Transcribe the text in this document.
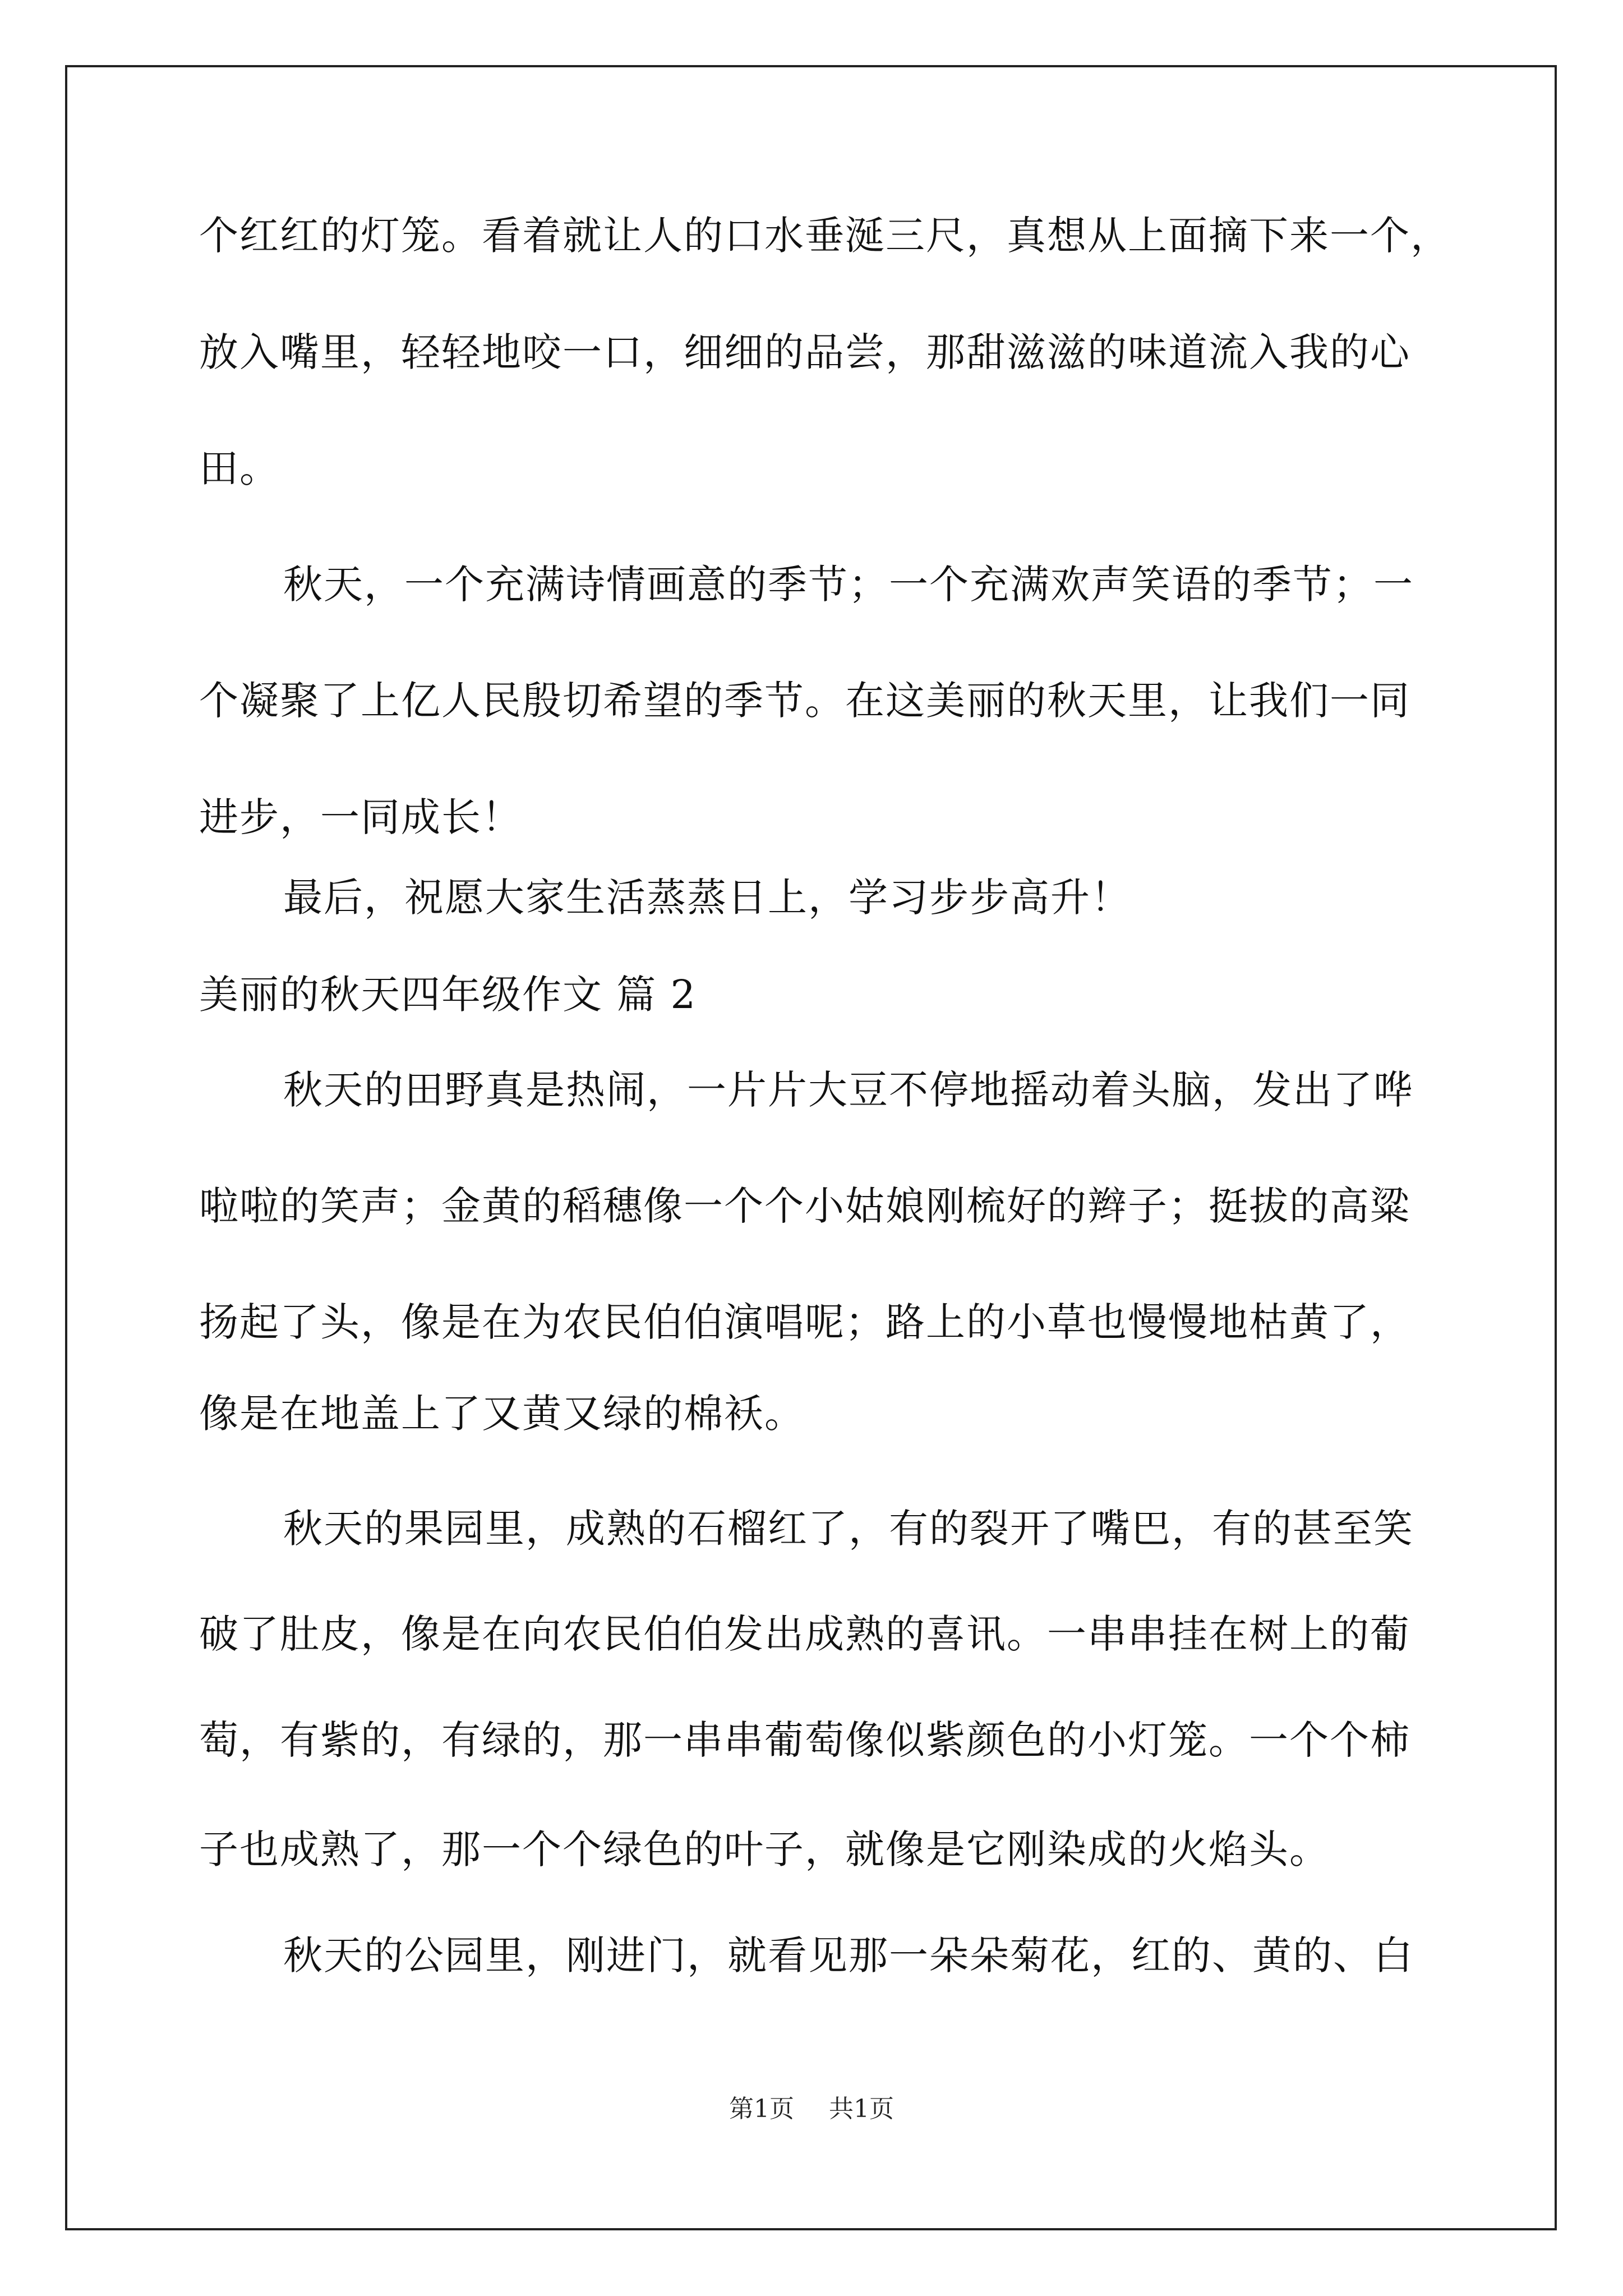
个红红的灯笼。看着就让人的口水垂涎三尺，真想从上面摘下来一个，
放入嘴里，轻轻地咬一口，细细的品尝，那甜滋滋的味道流入我的心
田。
秋天，一个充满诗情画意的季节；一个充满欢声笑语的季节；一
个凝聚了上亿人民殷切希望的季节。在这美丽的秋天里，让我们一同
进步，一同成长！
最后，祝愿大家生活蒸蒸日上，学习步步高升！
美丽的秋天四年级作文 篇 2
秋天的田野真是热闹，一片片大豆不停地摇动着头脑，发出了哗
啦啦的笑声；金黄的稻穗像一个个小姑娘刚梳好的辫子；挺拔的高粱
扬起了头，像是在为农民伯伯演唱呢；路上的小草也慢慢地枯黄了，
像是在地盖上了又黄又绿的棉袄。
秋天的果园里，成熟的石榴红了，有的裂开了嘴巴，有的甚至笑
破了肚皮，像是在向农民伯伯发出成熟的喜讯。一串串挂在树上的葡
萄，有紫的，有绿的，那一串串葡萄像似紫颜色的小灯笼。一个个柿
子也成熟了，那一个个绿色的叶子，就像是它刚染成的火焰头。
秋天的公园里，刚进门，就看见那一朵朵菊花，红的、黄的、白
第1页 共1页
